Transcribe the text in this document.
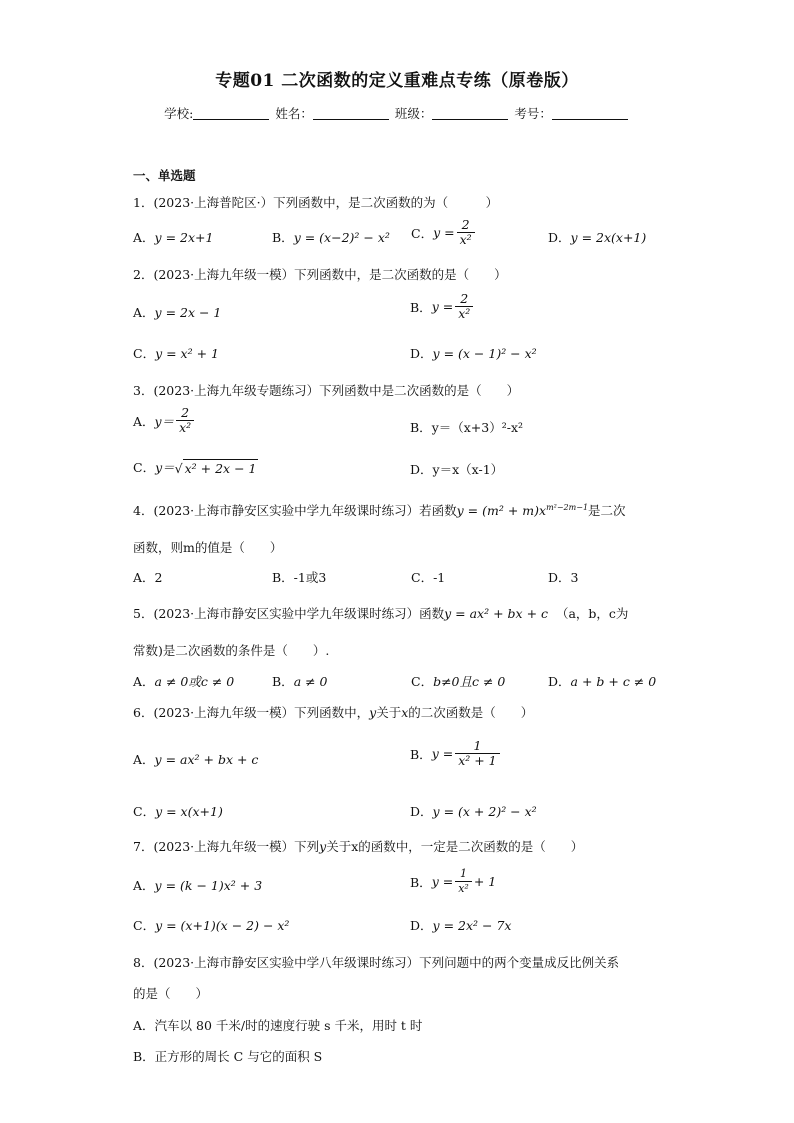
专题01 二次函数的定义重难点专练（原卷版）
学校:	姓名：	班级：	考号：
一、单选题
1．(2023·上海普陀区·）下列函数中，是二次函数的为（　　　）
A． y = 2x+1	B． y = (x−2)² − x² C． $y = \frac{2}{\text{x²}}$	D． y = 2x(x+1)
2．(2023·上海九年级一模）下列函数中，是二次函数的是（　　）
A． y = 2x − 1	B． $y = \frac{2}{\text{x²}}$
C． y = x² + 1	D． y = (x − 1)² − x²
3．(2023·上海九年级专题练习）下列函数中是二次函数的是（　　）
A． $y= \frac{2}{\text{x²}}$	B． y＝（x+3）²-x²
C． y＝ √ x² + 2x − 1	D． y＝x（x-1）
4．(2023·上海市静安区实验中学九年级课时练习）若函数$y = (m^2 + m)x^{m^2-2m-1}$是二次
函数，则m的值是（　　）
A．2	B．-1或3	C．-1	D．3
5．(2023·上海市静安区实验中学九年级课时练习）函数y = ax² + bx + c （a，b，c为
常数)是二次函数的条件是（　　）.
A． a ≠ 0或c ≠ 0	B． a ≠ 0	C． b≠0且c ≠ 0	D． a + b + c ≠ 0
6．(2023·上海九年级一模）下列函数中，y关于x的二次函数是（　　）
A． y = ax² + bx + c	B． $y = \frac{1}{\text{x² + 1}}$
C． y = x(x+1)	D． y = (x + 2)² − x²
7．(2023·上海九年级一模）下列y关于x的函数中，一定是二次函数的是（　　）
A． y = (k − 1)x² + 3	B． $y = \frac{1}{\text{x²}} + 1$
C． y = (x+1)(x − 2) − x²	D． y = 2x² − 7x
8．(2023·上海市静安区实验中学八年级课时练习）下列问题中的两个变量成反比例关系
的是（　　）
A．汽车以 80 千米/时的速度行驶 s 千米，用时 t 时
B．正方形的周长 C 与它的面积 S
